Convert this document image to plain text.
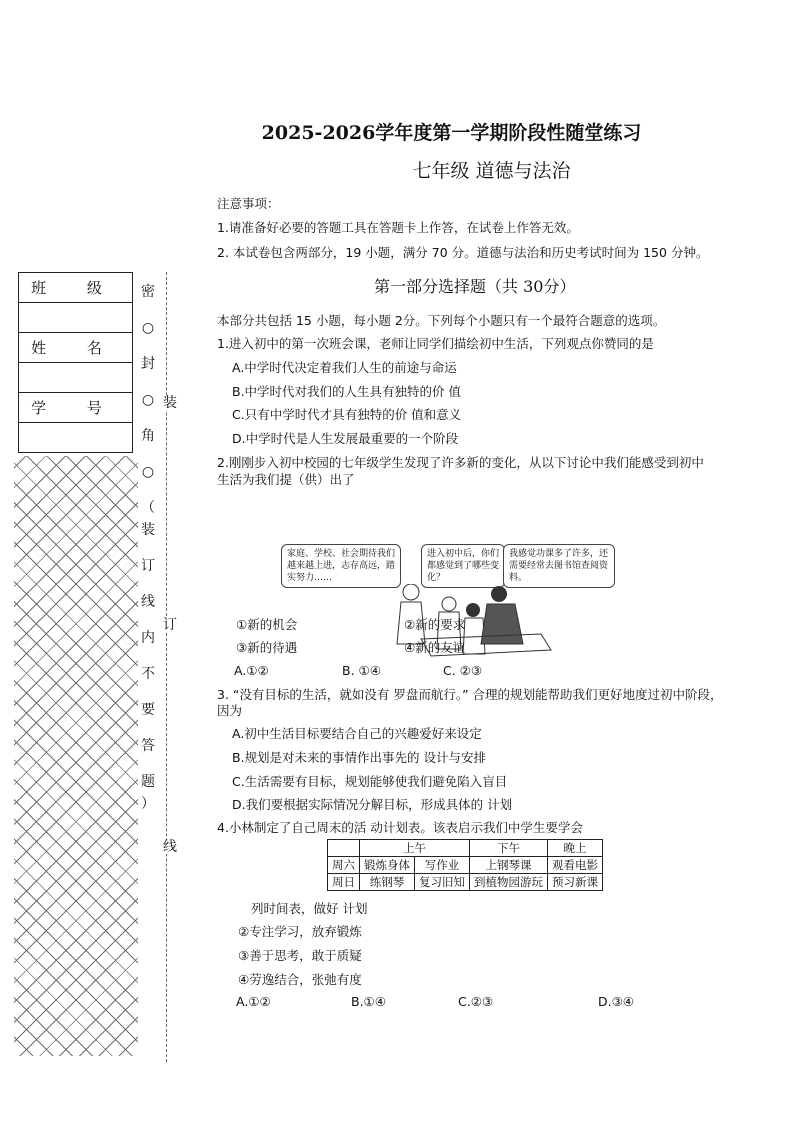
班 级
姓 名
学 号
密
○
封
○
角
○
（
装
订
线
内
不
要
答
题
）
装
订
线
2025-2026学年度第一学期阶段性随堂练习
七年级 道德与法治
注意事项：
1.请准备好必要的答题工具在答题卡上作答，在试卷上作答无效。
2. 本试卷包含两部分，19 小题，满分 70 分。道德与法治和历史考试时间为 150 分钟。
第一部分选择题（共 30分）
本部分共包括 15 小题，每小题 2分。下列每个小题只有一个最符合题意的选项。
1.进入初中的第一次班会课，老师让同学们描绘初中生活，下列观点你赞同的是
A.中学时代决定着我们人生的前途与命运
B.中学时代对我们的人生具有独特的价 值
C.只有中学时代才具有独特的价 值和意义
D.中学时代是人生发展最重要的一个阶段
2.刚刚步入初中校园的七年级学生发现了许多新的变化，从以下讨论中我们能感受到初中
生活为我们提（供）出了
家庭、学校、社会期待我们越来越上进，志存高远，踏实努力……
进入初中后，你们都感觉到了哪些变化？
我感觉功课多了许多，还需要经常去图书馆查阅资料。
①新的机会	②新的要求
③新的待遇	④新的友谊
A.①②	B. ①④	C. ②③
3. “没有目标的生活，就如没有 罗盘而航行。” 合理的规划能帮助我们更好地度过初中阶段，
因为
A.初中生活目标要结合自己的兴趣爱好来设定
B.规划是对未来的事情作出事先的 设计与安排
C.生活需要有目标，规划能够使我们避免陷入盲目
D.我们要根据实际情况分解目标，形成具体的 计划
4.小林制定了自己周末的活 动计划表。该表启示我们中学生要学会
	上午		下午	晚上
周六	锻炼身体	写作业	上钢琴课	观看电影
周日	练钢琴	复习旧知	到植物园游玩	预习新课
列时间表，做好 计划
②专注学习，放弃锻炼
③善于思考，敢于质疑
④劳逸结合，张弛有度
A.①②	B.①④	C.②③	D.③④
